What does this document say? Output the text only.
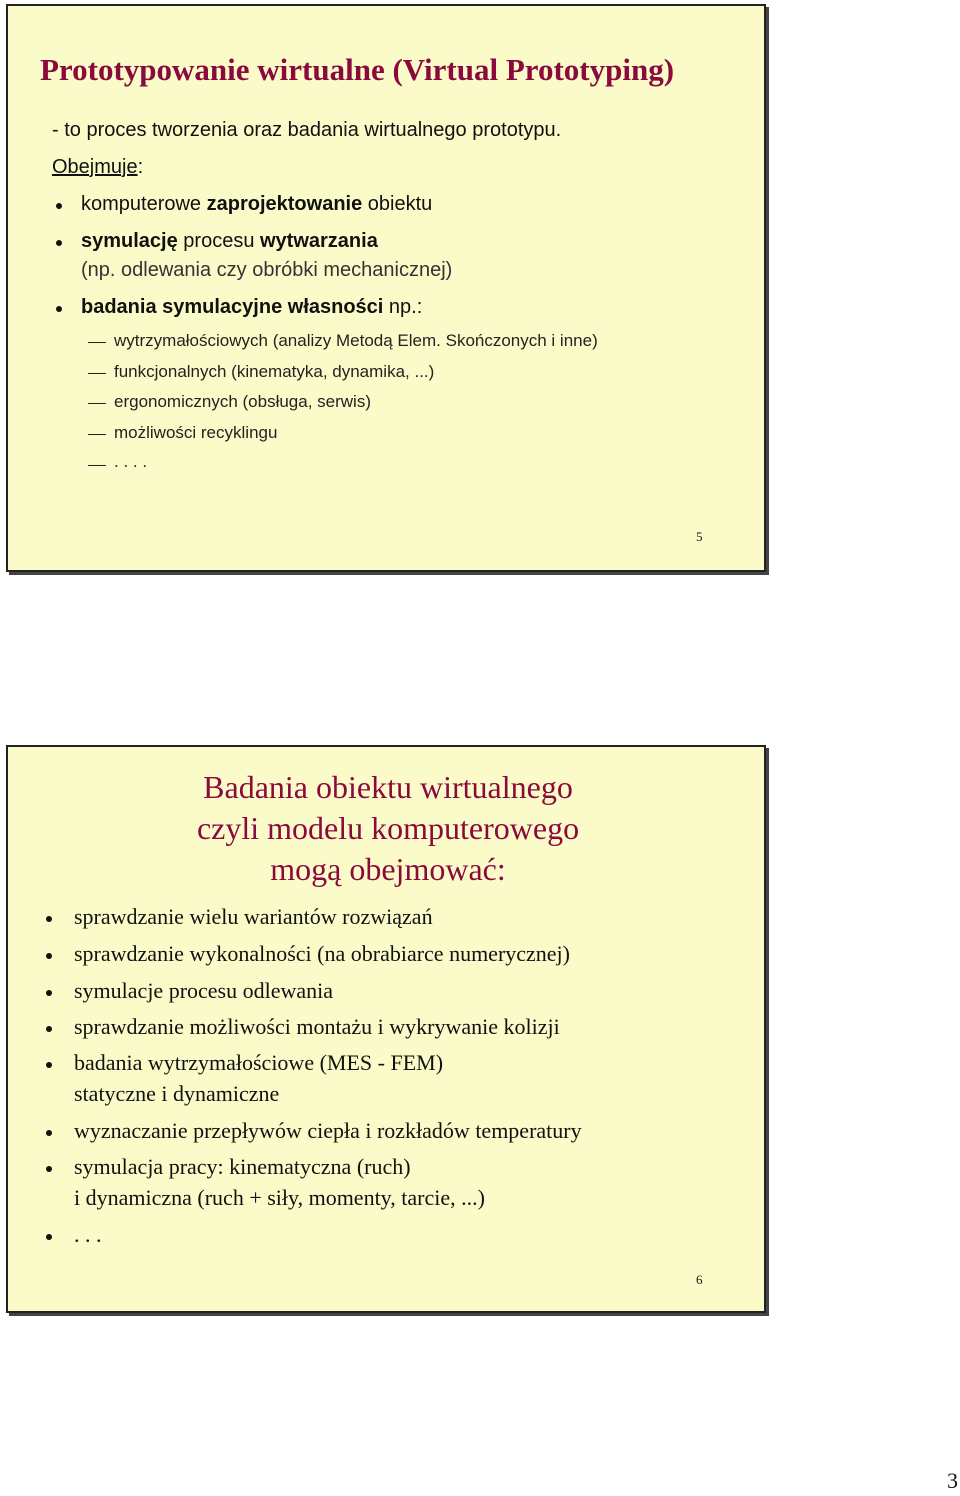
Prototypowanie wirtualne (Virtual Prototyping)
- to proces tworzenia oraz badania wirtualnego prototypu.
Obejmuje:
komputerowe zaprojektowanie obiektu
symulację procesu wytwarzania
(np. odlewania czy obróbki mechanicznej)
badania symulacyjne własności np.:
wytrzymałościowych (analizy Metodą Elem. Skończonych i inne)
funkcjonalnych (kinematyka, dynamika, ...)
ergonomicznych (obsługa, serwis)
możliwości recyklingu
. . . .
5
Badania obiektu wirtualnego
czyli modelu komputerowego
mogą obejmować:
sprawdzanie wielu wariantów rozwiązań
sprawdzanie wykonalności (na obrabiarce numerycznej)
symulacje procesu odlewania
sprawdzanie możliwości montażu i wykrywanie kolizji
badania wytrzymałościowe (MES - FEM)
statyczne i dynamiczne
wyznaczanie przepływów ciepła i rozkładów temperatury
symulacja pracy: kinematyczna (ruch)
i dynamiczna (ruch + siły, momenty, tarcie, ...)
. . .
6
3
